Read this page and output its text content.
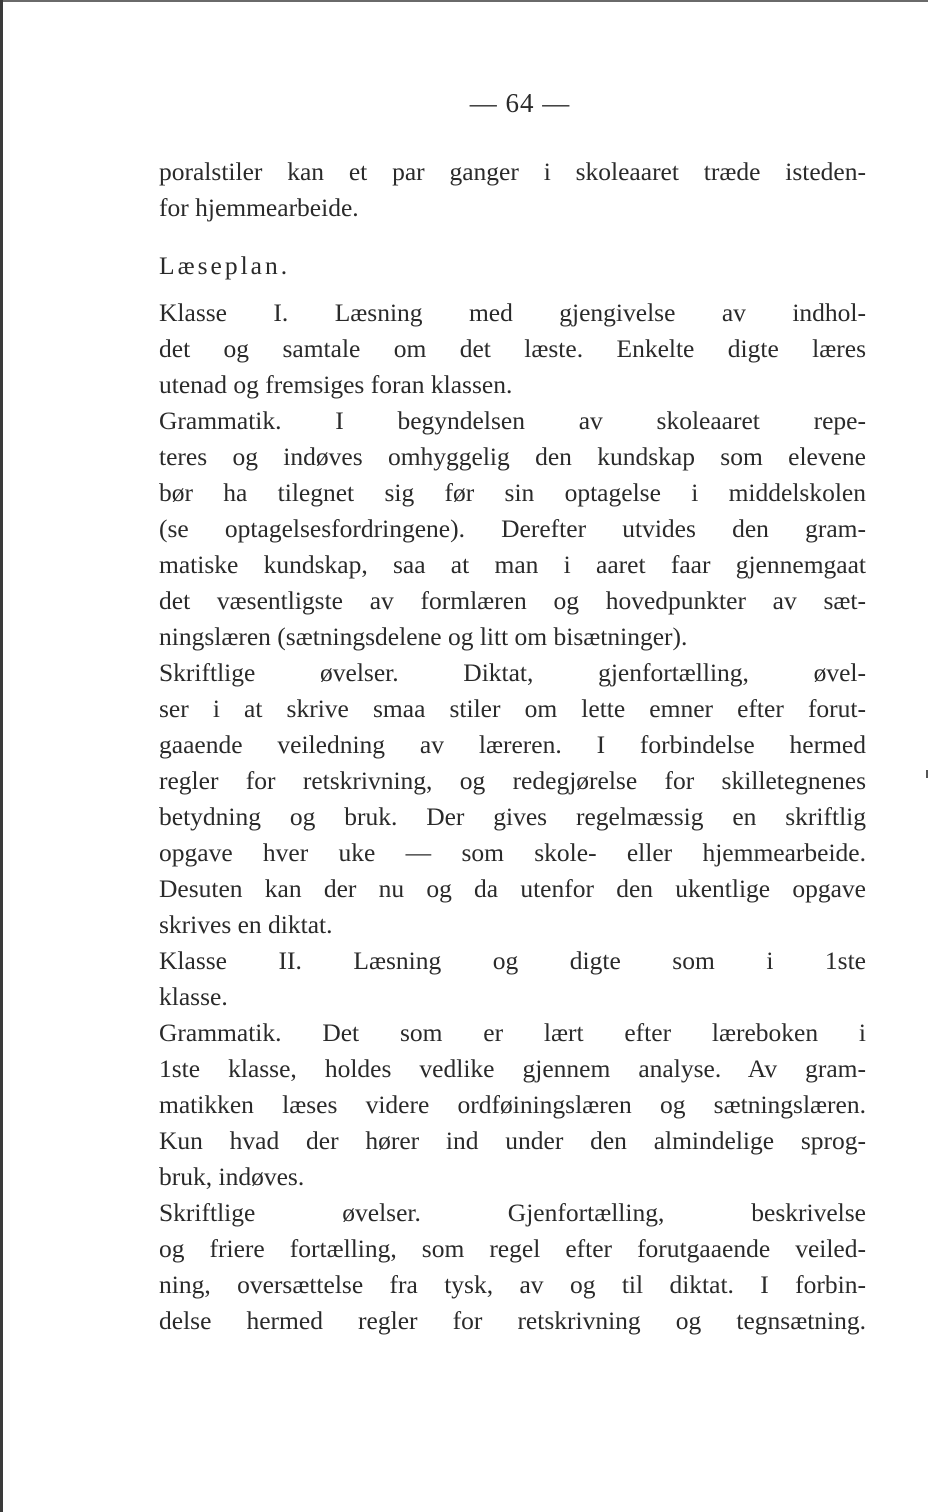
— 64 —
poralstiler kan et par ganger i skoleaaret træde isteden-
for hjemmearbeide.
Læseplan.
Klasse I. Læsning med gjengivelse av indhol-
det og samtale om det læste. Enkelte digte læres
utenad og fremsiges foran klassen.
Grammatik. I begyndelsen av skoleaaret repe-
teres og indøves omhyggelig den kundskap som elevene
bør ha tilegnet sig før sin optagelse i middelskolen
(se optagelsesfordringene). Derefter utvides den gram-
matiske kundskap, saa at man i aaret faar gjennemgaat
det væsentligste av formlæren og hovedpunkter av sæt-
ningslæren (sætningsdelene og litt om bisætninger).
Skriftlige øvelser. Diktat, gjenfortælling, øvel-
ser i at skrive smaa stiler om lette emner efter forut-
gaaende veiledning av læreren. I forbindelse hermed
regler for retskrivning, og redegjørelse for skilletegnenes
betydning og bruk. Der gives regelmæssig en skriftlig
opgave hver uke — som skole- eller hjemmearbeide.
Desuten kan der nu og da utenfor den ukentlige opgave
skrives en diktat.
Klasse II. Læsning og digte som i 1ste
klasse.
Grammatik. Det som er lært efter læreboken i
1ste klasse, holdes vedlike gjennem analyse. Av gram-
matikken læses videre ordføiningslæren og sætningslæren.
Kun hvad der hører ind under den almindelige sprog-
bruk, indøves.
Skriftlige øvelser. Gjenfortælling, beskrivelse
og friere fortælling, som regel efter forutgaaende veiled-
ning, oversættelse fra tysk, av og til diktat. I forbin-
delse hermed regler for retskrivning og tegnsætning.
